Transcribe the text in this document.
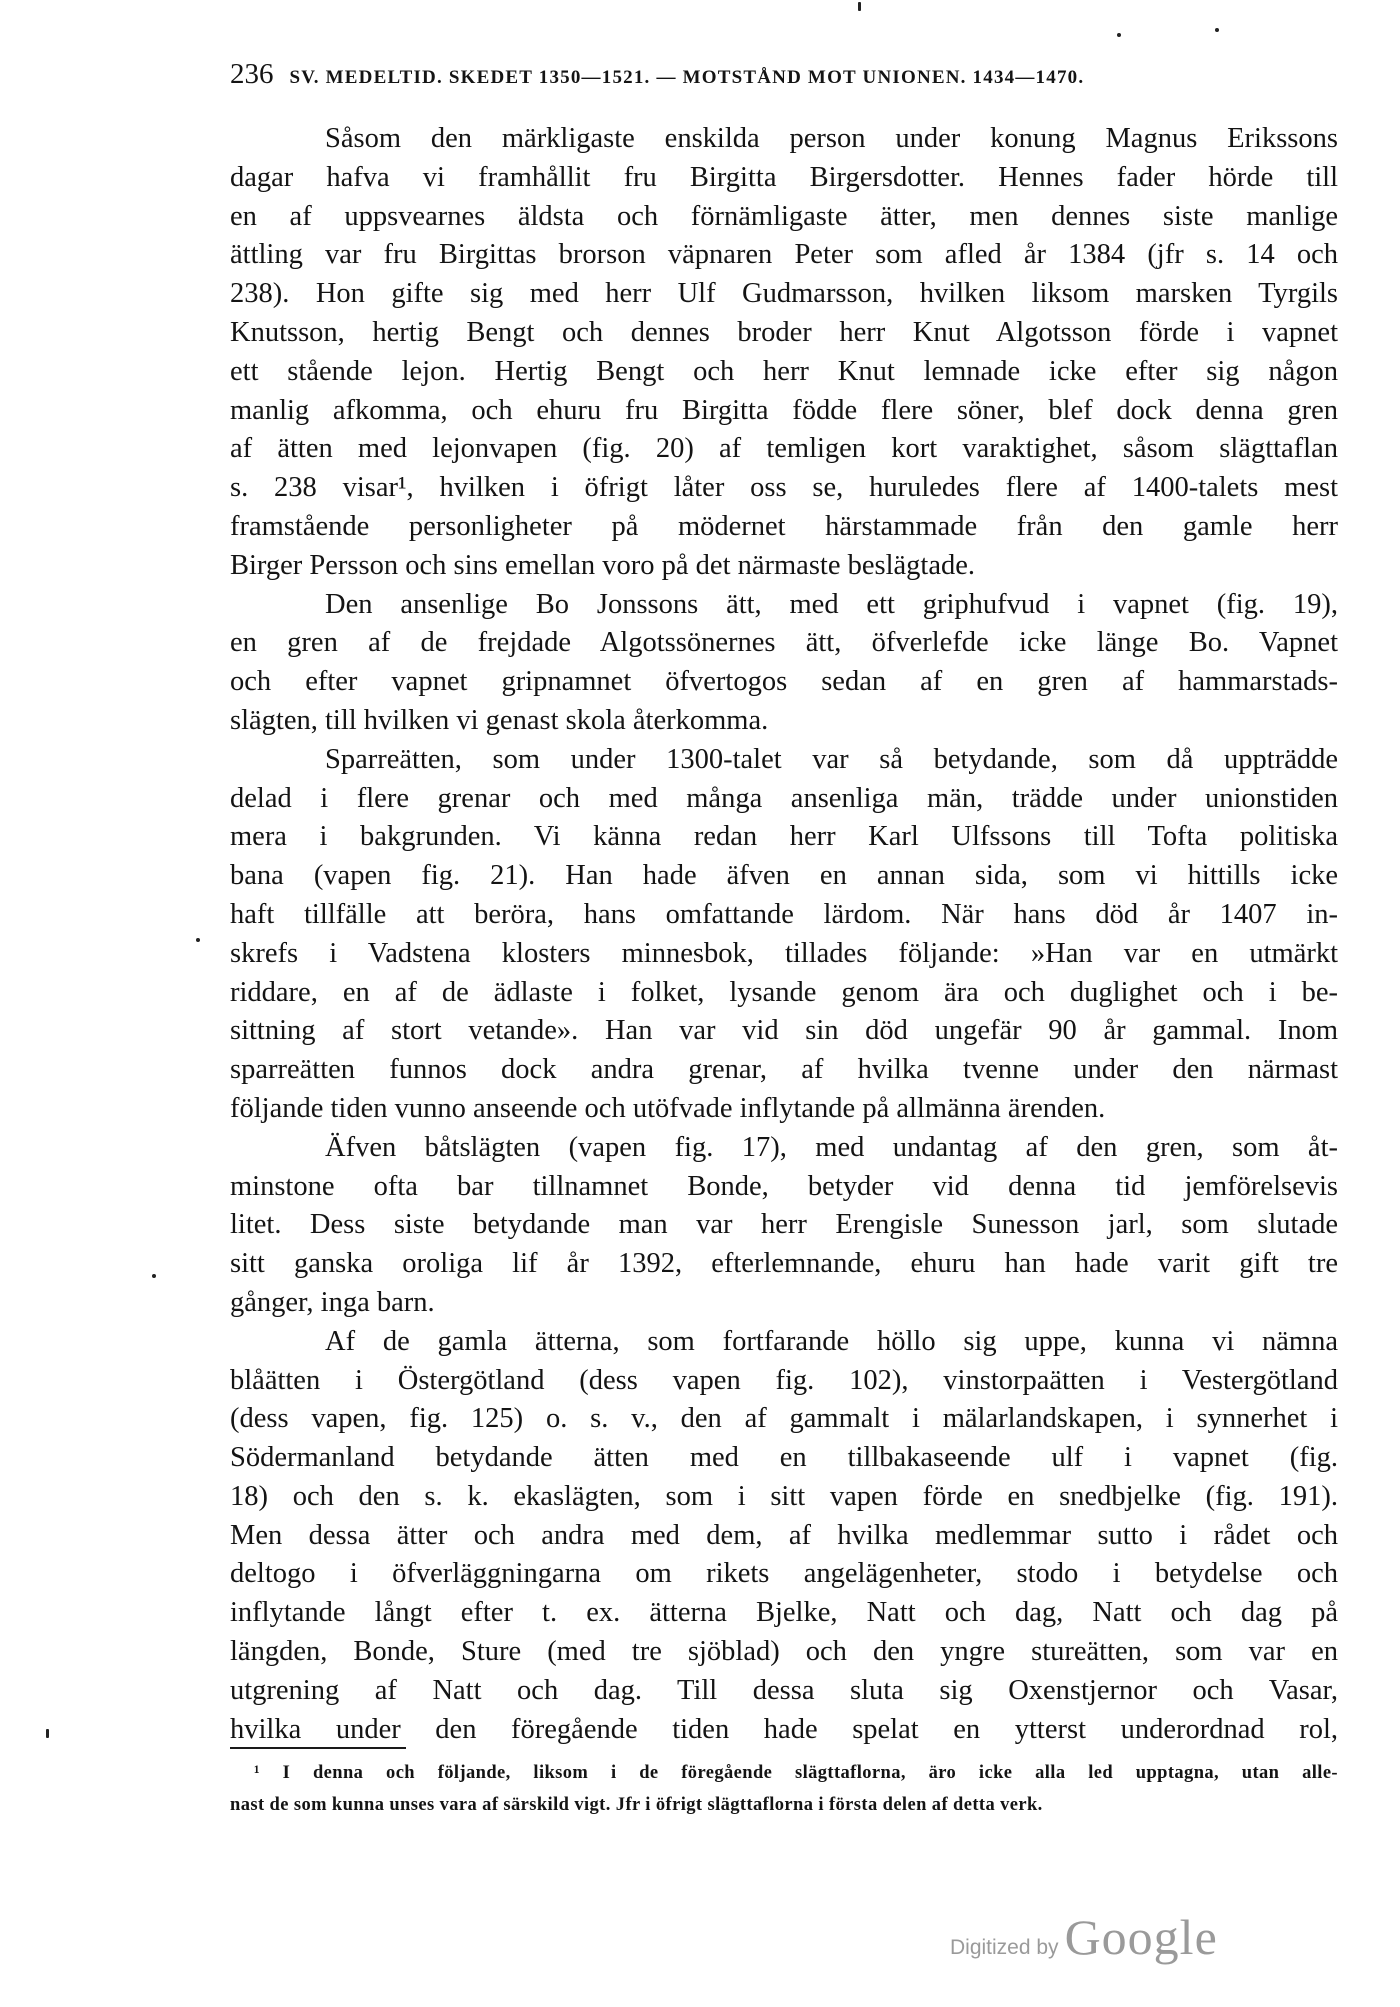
236 SV. MEDELTID. SKEDET 1350—1521. — MOTSTÅND MOT UNIONEN. 1434—1470.
Såsom den märkligaste enskilda person under konung Magnus Erikssons
dagar hafva vi framhållit fru Birgitta Birgersdotter. Hennes fader hörde till
en af uppsvearnes äldsta och förnämligaste ätter, men dennes siste manlige
ättling var fru Birgittas brorson väpnaren Peter som afled år 1384 (jfr s. 14 och
238). Hon gifte sig med herr Ulf Gudmarsson, hvilken liksom marsken Tyrgils
Knutsson, hertig Bengt och dennes broder herr Knut Algotsson förde i vapnet
ett stående lejon. Hertig Bengt och herr Knut lemnade icke efter sig någon
manlig afkomma, och ehuru fru Birgitta födde flere söner, blef dock denna gren
af ätten med lejonvapen (fig. 20) af temligen kort varaktighet, såsom slägttaflan
s. 238 visar¹, hvilken i öfrigt låter oss se, huruledes flere af 1400-talets mest
framstående personligheter på mödernet härstammade från den gamle herr
Birger Persson och sins emellan voro på det närmaste beslägtade.
Den ansenlige Bo Jonssons ätt, med ett griphufvud i vapnet (fig. 19),
en gren af de frejdade Algotssönernes ätt, öfverlefde icke länge Bo. Vapnet
och efter vapnet gripnamnet öfvertogos sedan af en gren af hammarstads-
slägten, till hvilken vi genast skola återkomma.
Sparreätten, som under 1300-talet var så betydande, som då uppträdde
delad i flere grenar och med många ansenliga män, trädde under unionstiden
mera i bakgrunden. Vi känna redan herr Karl Ulfssons till Tofta politiska
bana (vapen fig. 21). Han hade äfven en annan sida, som vi hittills icke
haft tillfälle att beröra, hans omfattande lärdom. När hans död år 1407 in-
skrefs i Vadstena klosters minnesbok, tillades följande: »Han var en utmärkt
riddare, en af de ädlaste i folket, lysande genom ära och duglighet och i be-
sittning af stort vetande». Han var vid sin död ungefär 90 år gammal. Inom
sparreätten funnos dock andra grenar, af hvilka tvenne under den närmast
följande tiden vunno anseende och utöfvade inflytande på allmänna ärenden.
Äfven båtslägten (vapen fig. 17), med undantag af den gren, som åt-
minstone ofta bar tillnamnet Bonde, betyder vid denna tid jemförelsevis
litet. Dess siste betydande man var herr Erengisle Sunesson jarl, som slutade
sitt ganska oroliga lif år 1392, efterlemnande, ehuru han hade varit gift tre
gånger, inga barn.
Af de gamla ätterna, som fortfarande höllo sig uppe, kunna vi nämna
blåätten i Östergötland (dess vapen fig. 102), vinstorpaätten i Vestergötland
(dess vapen, fig. 125) o. s. v., den af gammalt i mälarlandskapen, i synnerhet i
Södermanland betydande ätten med en tillbakaseende ulf i vapnet (fig.
18) och den s. k. ekaslägten, som i sitt vapen förde en snedbjelke (fig. 191).
Men dessa ätter och andra med dem, af hvilka medlemmar sutto i rådet och
deltogo i öfverläggningarna om rikets angelägenheter, stodo i betydelse och
inflytande långt efter t. ex. ätterna Bjelke, Natt och dag, Natt och dag på
längden, Bonde, Sture (med tre sjöblad) och den yngre stureätten, som var en
utgrening af Natt och dag. Till dessa sluta sig Oxenstjernor och Vasar,
hvilka under den föregående tiden hade spelat en ytterst underordnad rol,
¹ I denna och följande, liksom i de föregående slägttaflorna, äro icke alla led upptagna, utan alle-
nast de som kunna unses vara af särskild vigt. Jfr i öfrigt slägttaflorna i första delen af detta verk.
Digitized by Google
